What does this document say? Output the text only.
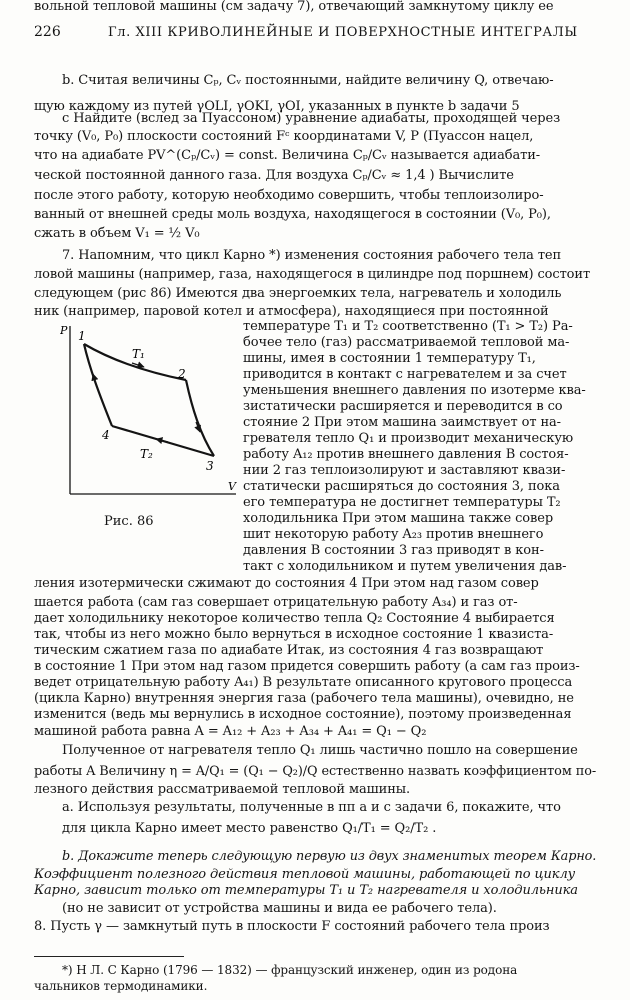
226	Гл. XIII КРИВОЛИНЕЙНЫЕ И ПОВЕРХНОСТНЫЕ ИНТЕГРАЛЫ
b. Считая величины Cₚ, Cᵥ постоянными, найдите величину Q, отвечаю-
щую каждому из путей γOLI, γOKI, γOI, указанных в пункте b задачи 5
c Найдите (вслед за Пуассоном) уравнение адиабаты, проходящей через
точку (V₀, P₀) плоскости состояний Fᶜ координатами V, P (Пуассон нацел,
что на адиабате PV^(Cₚ/Cᵥ) = const. Величина Cₚ/Cᵥ называется адиабати-
ческой постоянной данного газа. Для воздуха Cₚ/Cᵥ ≈ 1,4 ) Вычислите
после этого работу, которую необходимо совершить, чтобы теплоизолиро-
ванный от внешней среды моль воздуха, находящегося в состоянии (V₀, P₀),
сжать в объем V₁ = ½ V₀
7. Напомним, что цикл Карно *) изменения состояния рабочего тела теп
ловой машины (например, газа, находящегося в цилиндре под поршнем) состоит
следующем (рис 86) Имеются два энергоемких тела, нагреватель и холодиль
ник (например, паровой котел и атмосфера), находящиеся при постоянной
температуре T₁ и T₂ соответственно (T₁ > T₂) Ра-
бочее тело (газ) рассматриваемой тепловой ма-
шины, имея в состоянии 1 температуру T₁,
приводится в контакт с нагревателем и за счет
уменьшения внешнего давления по изотерме ква-
зистатически расширяется и переводится в со
стояние 2 При этом машина заимствует от на-
гревателя тепло Q₁ и производит механическую
работу A₁₂ против внешнего давления В состоя-
нии 2 газ теплоизолируют и заставляют квази-
статически расширяться до состояния 3, пока
его температура не достигнет температуры T₂
холодильника При этом машина также совер
шит некоторую работу A₂₃ против внешнего
давления В состоянии 3 газ приводят в кон-
такт с холодильником и путем увеличения дав-
ления изотермически сжимают до состояния 4 При этом над газом совер
шается работа (сам газ совершает отрицательную работу A₃₄) и газ от-
дает холодильнику некоторое количество тепла Q₂ Состояние 4 выбирается
так, чтобы из него можно было вернуться в исходное состояние 1 квазиста-
тическим сжатием газа по адиабате Итак, из состояния 4 газ возвращают
в состояние 1 При этом над газом придется совершить работу (а сам газ произ-
ведет отрицательную работу A₄₁) В результате описанного кругового процесса
(цикла Карно) внутренняя энергия газа (рабочего тела машины), очевидно, не
изменится (ведь мы вернулись в исходное состояние), поэтому произведенная
машиной работа равна A = A₁₂ + A₂₃ + A₃₄ + A₄₁ = Q₁ − Q₂
Полученное от нагревателя тепло Q₁ лишь частично пошло на совершение
работы A Величину η = A/Q₁ = (Q₁ − Q₂)/Q естественно назвать коэффициентом по-
лезного действия рассматриваемой тепловой машины.
a. Используя результаты, полученные в пп а и с задачи 6, покажите, что
для цикла Карно имеет место равенство Q₁/T₁ = Q₂/T₂ .
b. Докажите теперь следующую первую из двух знаменитых теорем Карно.
Коэффициент полезного действия тепловой машины, работающей по циклу
Карно, зависит только от температуры T₁ и T₂ нагревателя и холодильника
(но не зависит от устройства машины и вида ее рабочего тела).
8. Пусть γ — замкнутый путь в плоскости F состояний рабочего тела произ
вольной тепловой машины (см задачу 7), отвечающий замкнутому циклу ее
P
V
1
2
3
4
T₁
T₂
Рис. 86
*) Н Л. С Карно (1796 — 1832) — французский инженер, один из родона
чальников термодинамики.
